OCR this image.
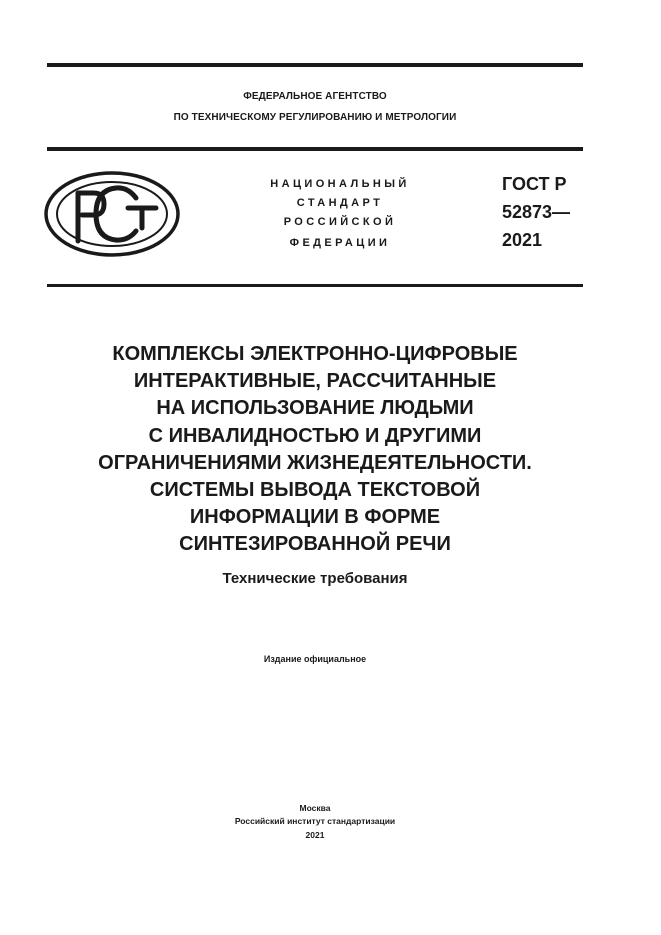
ФЕДЕРАЛЬНОЕ АГЕНТСТВО
ПО ТЕХНИЧЕСКОМУ РЕГУЛИРОВАНИЮ И МЕТРОЛОГИИ
НАЦИОНАЛЬНЫЙ
СТАНДАРТ
РОССИЙСКОЙ
ФЕДЕРАЦИИ
ГОСТ Р
52873—
2021
КОМПЛЕКСЫ ЭЛЕКТРОННО-ЦИФРОВЫЕ
ИНТЕРАКТИВНЫЕ, РАССЧИТАННЫЕ
НА ИСПОЛЬЗОВАНИЕ ЛЮДЬМИ
С ИНВАЛИДНОСТЬЮ И ДРУГИМИ
ОГРАНИЧЕНИЯМИ ЖИЗНЕДЕЯТЕЛЬНОСТИ.
СИСТЕМЫ ВЫВОДА ТЕКСТОВОЙ
ИНФОРМАЦИИ В ФОРМЕ
СИНТЕЗИРОВАННОЙ РЕЧИ
Технические требования
Издание официальное
Москва
Российский институт стандартизации
2021
